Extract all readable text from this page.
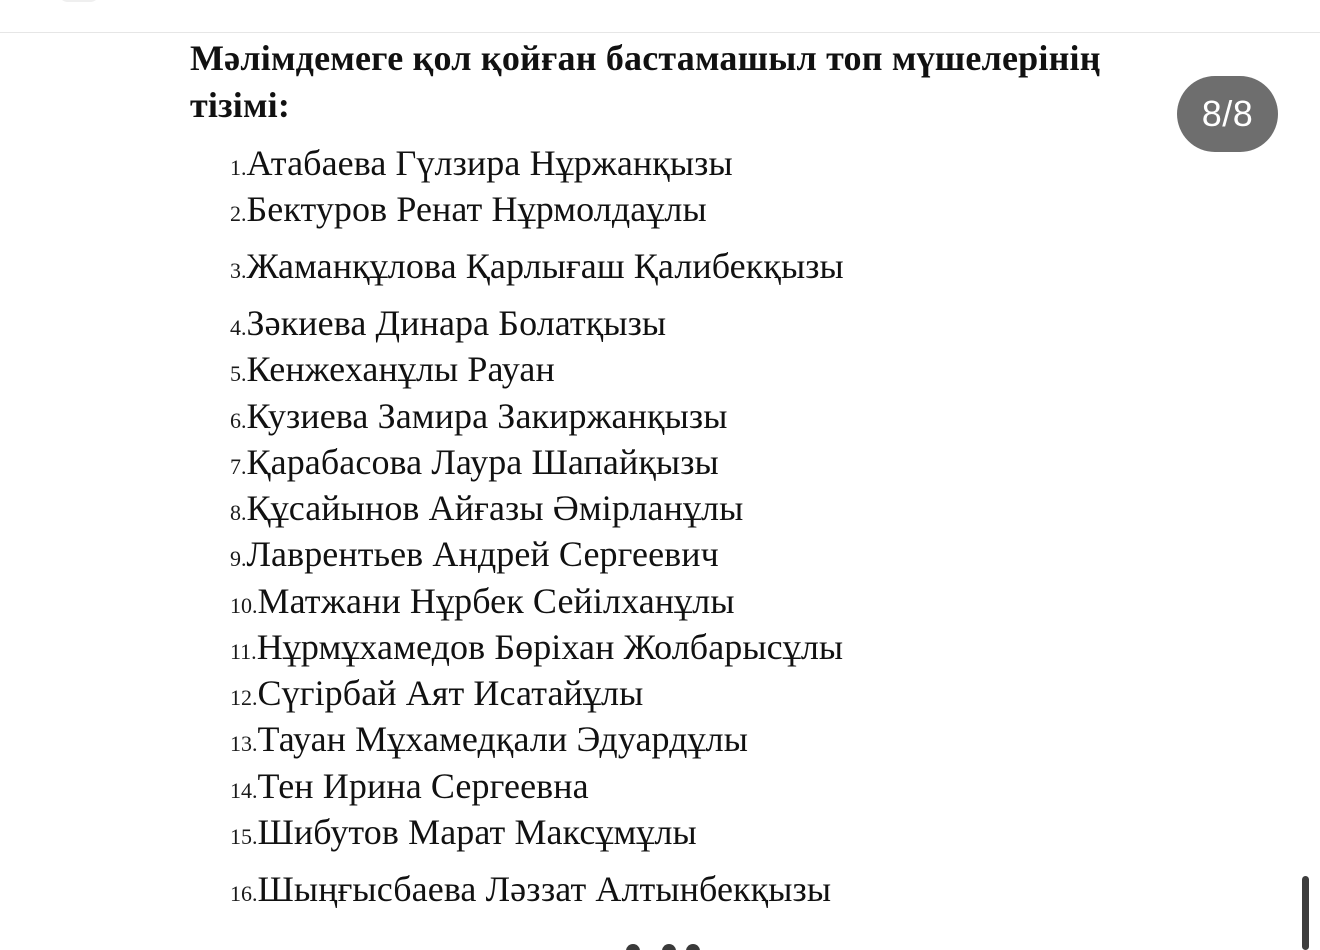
Мәлімдемеге қол қойған бастамашыл топ мүшелерінің тізімі:
1.Атабаева Гүлзира Нұржанқызы
2.Бектуров Ренат Нұрмолдаұлы
3.Жаманқұлова Қарлығаш Қалибекқызы
4.Зәкиева Динара Болатқызы
5.Кенжеханұлы Рауан
6.Кузиева Замира Закиржанқызы
7.Қарабасова Лаура Шапайқызы
8.Құсайынов Айғазы Әмірланұлы
9.Лаврентьев Андрей Сергеевич
10.Матжани Нұрбек Сейілханұлы
11.Нұрмұхамедов Бөріхан Жолбарысұлы
12.Сүгірбай Аят Исатайұлы
13.Тауан Мұхамедқали Эдуардұлы
14.Тен Ирина Сергеевна
15.Шибутов Марат Максұмұлы
16.Шыңғысбаева Ләззат Алтынбекқызы
8/8
